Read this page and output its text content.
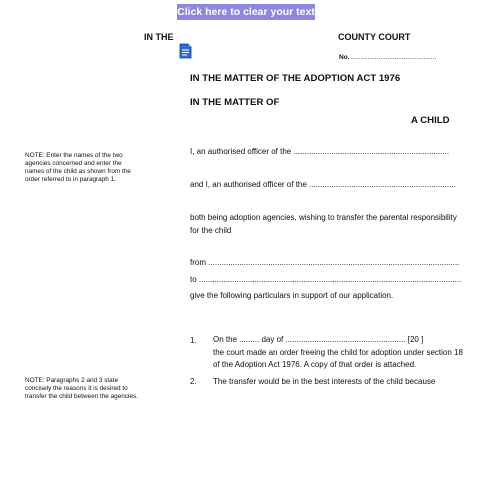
Click here to clear your text
IN THE	COUNTY COURT
No. ...............................................
IN THE MATTER OF THE ADOPTION ACT 1976
IN THE MATTER OF
A CHILD
NOTE: Enter the names of the two agencies concerned and enter the names of the child as shown from the order referred to in paragraph 1.
NOTE: Paragraphs 2 and 3 state concisely the reasons it is desired to transfer the child between the agencies.
I, an authorised officer of the ......................................................................
and I, an authorised officer of the ..................................................................
both being adoption agencies, wishing to transfer the parental responsibility
for the child
from .................................................................................................................
to ......................................................................................................................
give the following particulars in support of our application.
1. On the ......... day of ...................................................... [20 ]
the court made an order freeing the child for adoption under section 18
of the Adoption Act 1976. A copy of that order is attached.
2. The transfer would be in the best interests of the child because
